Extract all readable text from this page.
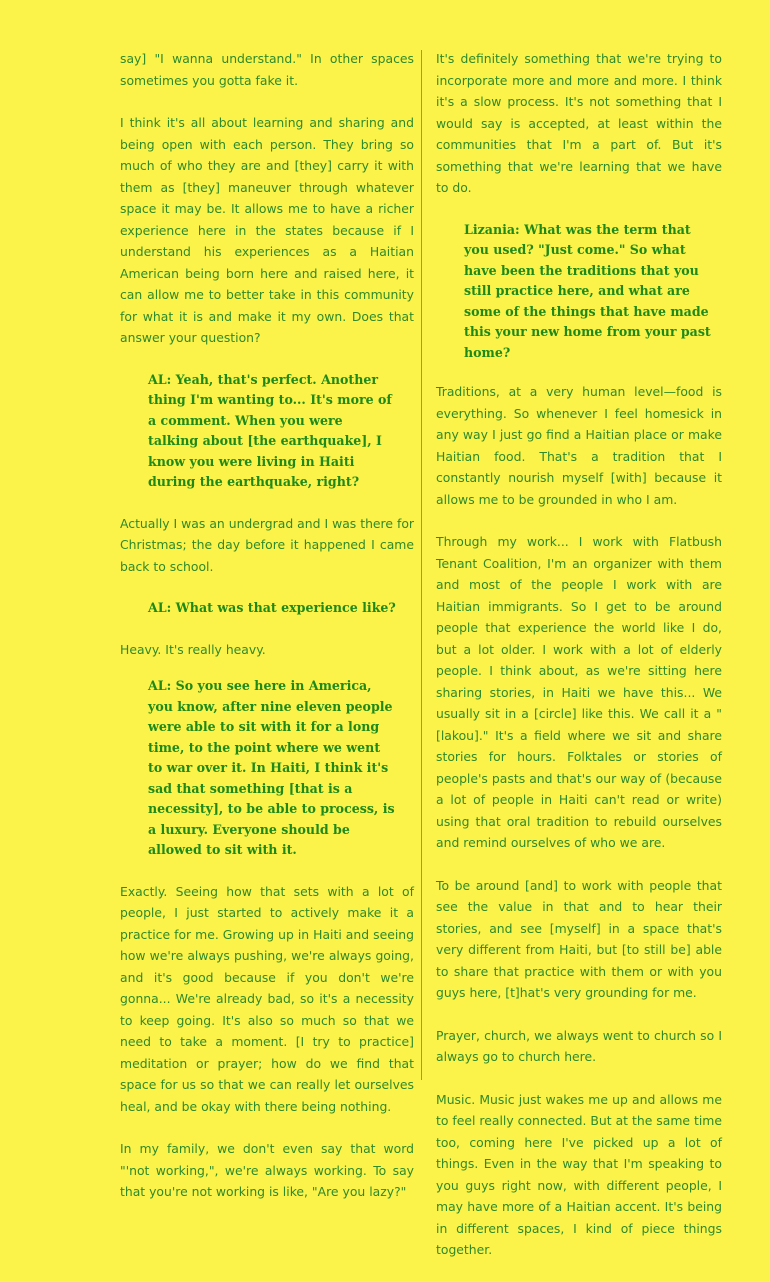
say] "I wanna understand." In other spaces sometimes you gotta fake it.

I think it's all about learning and sharing and being open with each person. They bring so much of who they are and [they] carry it with them as [they] maneuver through whatever space it may be. It allows me to have a richer experience here in the states because if I understand his experiences as a Haitian American being born here and raised here, it can allow me to better take in this community for what it is and make it my own. Does that answer your question?

AL: Yeah, that's perfect. Another thing I'm wanting to... It's more of a comment. When you were talking about [the earthquake], I know you were living in Haiti during the earthquake, right?

Actually I was an undergrad and I was there for Christmas; the day before it happened I came back to school.

AL: What was that experience like?

Heavy. It's really heavy.

AL: So you see here in America, you know, after nine eleven people were able to sit with it for a long time, to the point where we went to war over it. In Haiti, I think it's sad that something [that is a necessity], to be able to process, is a luxury. Everyone should be allowed to sit with it.

Exactly. Seeing how that sets with a lot of people, I just started to actively make it a practice for me. Growing up in Haiti and seeing how we're always pushing, we're always going, and it's good because if you don't we're gonna... We're already bad, so it's a necessity to keep going. It's also so much so that we need to take a moment. [I try to practice] meditation or prayer; how do we find that space for us so that we can really let ourselves heal, and be okay with there being nothing.

In my family, we don't even say that word "'not working,", we're always working. To say that you're not working is like, "Are you lazy?"

It's definitely something that we're trying to incorporate more and more and more. I think it's a slow process. It's not something that I would say is accepted, at least within the communities that I'm a part of. But it's something that we're learning that we have to do.

Lizania: What was the term that you used? "Just come." So what have been the traditions that you still practice here, and what are some of the things that have made this your new home from your past home?

Traditions, at a very human level—food is everything. So whenever I feel homesick in any way I just go find a Haitian place or make Haitian food. That's a tradition that I constantly nourish myself [with] because it allows me to be grounded in who I am.

Through my work... I work with Flatbush Tenant Coalition, I'm an organizer with them and most of the people I work with are Haitian immigrants. So I get to be around people that experience the world like I do, but a lot older. I work with a lot of elderly people. I think about, as we're sitting here sharing stories, in Haiti we have this... We usually sit in a [circle] like this. We call it a "[lakou]." It's a field where we sit and share stories for hours. Folktales or stories of people's pasts and that's our way of (because a lot of people in Haiti can't read or write) using that oral tradition to rebuild ourselves and remind ourselves of who we are.

To be around [and] to work with people that see the value in that and to hear their stories, and see [myself] in a space that's very different from Haiti, but [to still be] able to share that practice with them or with you guys here, [t]hat's very grounding for me.

Prayer, church, we always went to church so I always go to church here.

Music. Music just wakes me up and allows me to feel really connected. But at the same time too, coming here I've picked up a lot of things. Even in the way that I'm speaking to you guys right now, with different people, I may have more of a Haitian accent. It's being in different spaces, I kind of piece things together.
